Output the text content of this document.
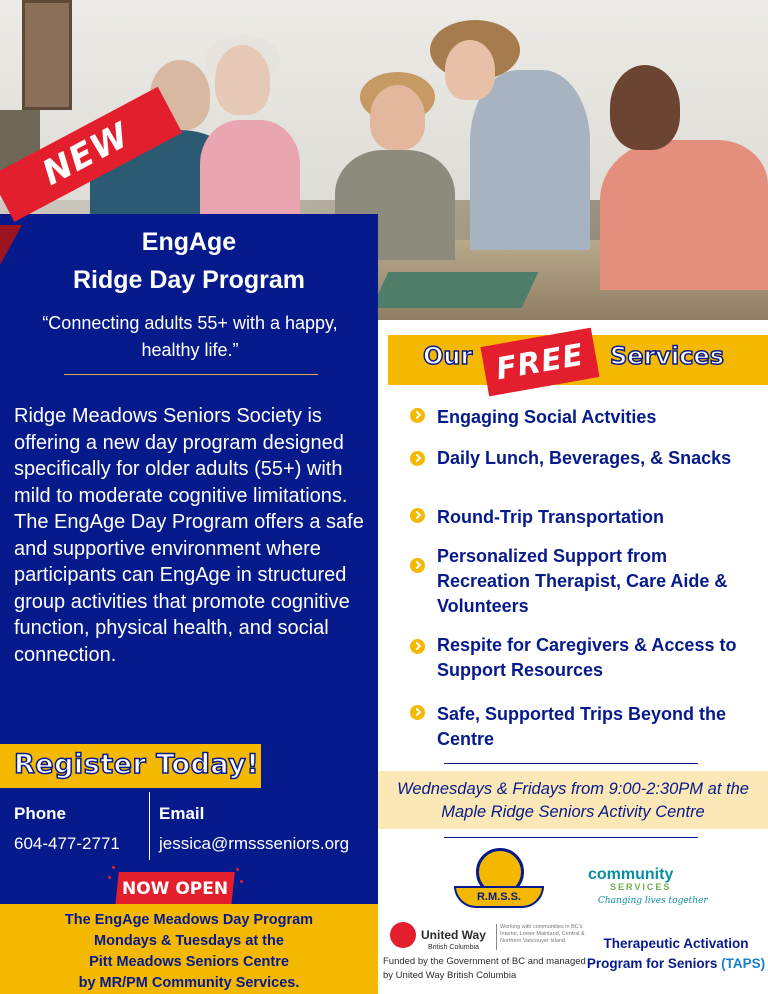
NEW
EngAge
Ridge Day Program
“Connecting adults 55+ with a happy, healthy life.”
Ridge Meadows Seniors Society is offering a new day program designed specifically for older adults (55+) with mild to moderate cognitive limitations. The EngAge Day Program offers a safe and supportive environment where participants can EngAge in structured group activities that promote cognitive function, physical health, and social connection.
Register Today!
Phone
604-477-2771
Email
jessica@rmssseniors.org
NOW OPEN
The EngAge Meadows Day Program
Mondays & Tuesdays at the
Pitt Meadows Seniors Centre
by MR/PM Community Services.
Our FREE Services
Engaging Social Actvities
Daily Lunch, Beverages, & Snacks
Round-Trip Transportation
Personalized Support from Recreation Therapist, Care Aide & Volunteers
Respite for Caregivers & Access to Support Resources
Safe, Supported Trips Beyond the Centre
Wednesdays & Fridays from 9:00-2:30PM at the Maple Ridge Seniors Activity Centre
R.M.S.S.
community
SERVICES
Changing lives together
United Way
British Columbia
Working with communities in BC's Interior, Lower Mainland, Central & Northern Vancouver Island
Funded by the Government of BC and managed by United Way British Columbia
Therapeutic Activation
Program for Seniors (TAPS)
